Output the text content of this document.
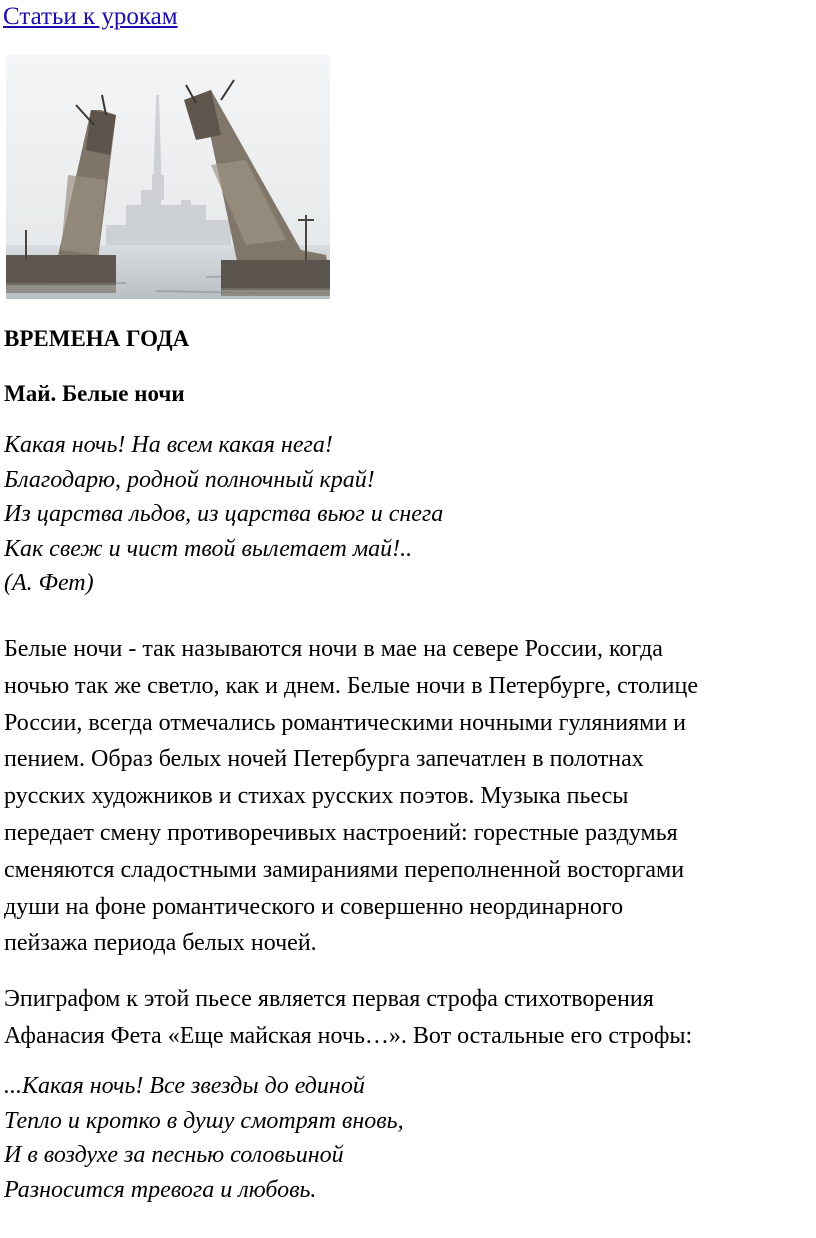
Статьи к урокам
ВРЕМЕНА ГОДА
Май. Белые ночи

Какая ночь! На всем какая нега!
Благодарю, родной полночный край!
Из царства льдов, из царства вьюг и снега
Как свеж и чист твой вылетает май!..
(А. Фет)

Белые ночи - так называются ночи в мае на севере России, когда
ночью так же светло, как и днем. Белые ночи в Петербурге, столице
России, всегда отмечались романтическими ночными гуляниями и
пением. Образ белых ночей Петербурга запечатлен в полотнах
русских художников и стихах русских поэтов. Музыка пьесы
передает смену противоречивых настроений: горестные раздумья
сменяются сладостными замираниями переполненной восторгами
души на фоне романтического и совершенно неординарного
пейзажа периода белых ночей.

Эпиграфом к этой пьесе является первая строфа стихотворения
Афанасия Фета «Еще майская ночь…». Вот остальные его строфы:

...Какая ночь! Все звезды до единой
Тепло и кротко в душу смотрят вновь,
И в воздухе за песнью соловьиной
Разносится тревога и любовь.
